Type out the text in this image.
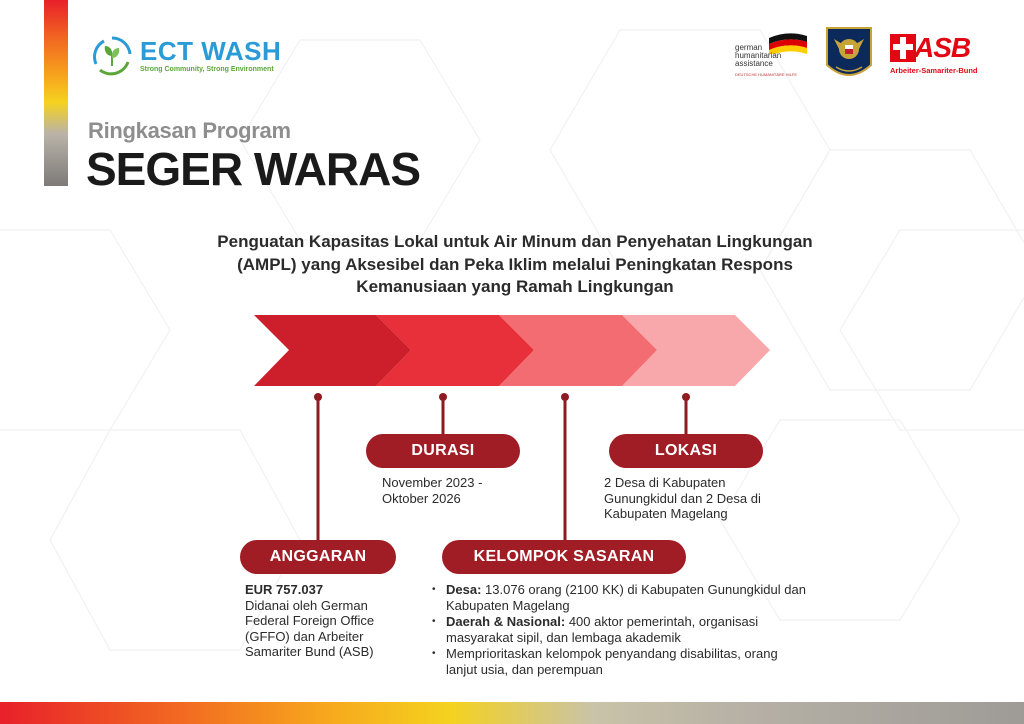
ECT WASH
Strong Community, Strong Environment
german
humanitarian
assistance
DEUTSCHE HUMANITÄRE HILFE
ASB
Arbeiter-Samariter-Bund
Ringkasan Program
SEGER WARAS
Penguatan Kapasitas Lokal untuk Air Minum dan Penyehatan Lingkungan (AMPL) yang Aksesibel dan Peka Iklim melalui Peningkatan Respons Kemanusiaan yang Ramah Lingkungan
DURASI	LOKASI
ANGGARAN	KELOMPOK SASARAN
November 2023 - Oktober 2026
2 Desa di Kabupaten Gunungkidul dan 2 Desa di Kabupaten Magelang
EUR 757.037
Didanai oleh German Federal Foreign Office (GFFO) dan Arbeiter Samariter Bund (ASB)
• Desa: 13.076 orang (2100 KK) di Kabupaten Gunungkidul dan Kabupaten Magelang
• Daerah & Nasional: 400 aktor pemerintah, organisasi masyarakat sipil, dan lembaga akademik
• Memprioritaskan kelompok penyandang disabilitas, orang lanjut usia, dan perempuan
